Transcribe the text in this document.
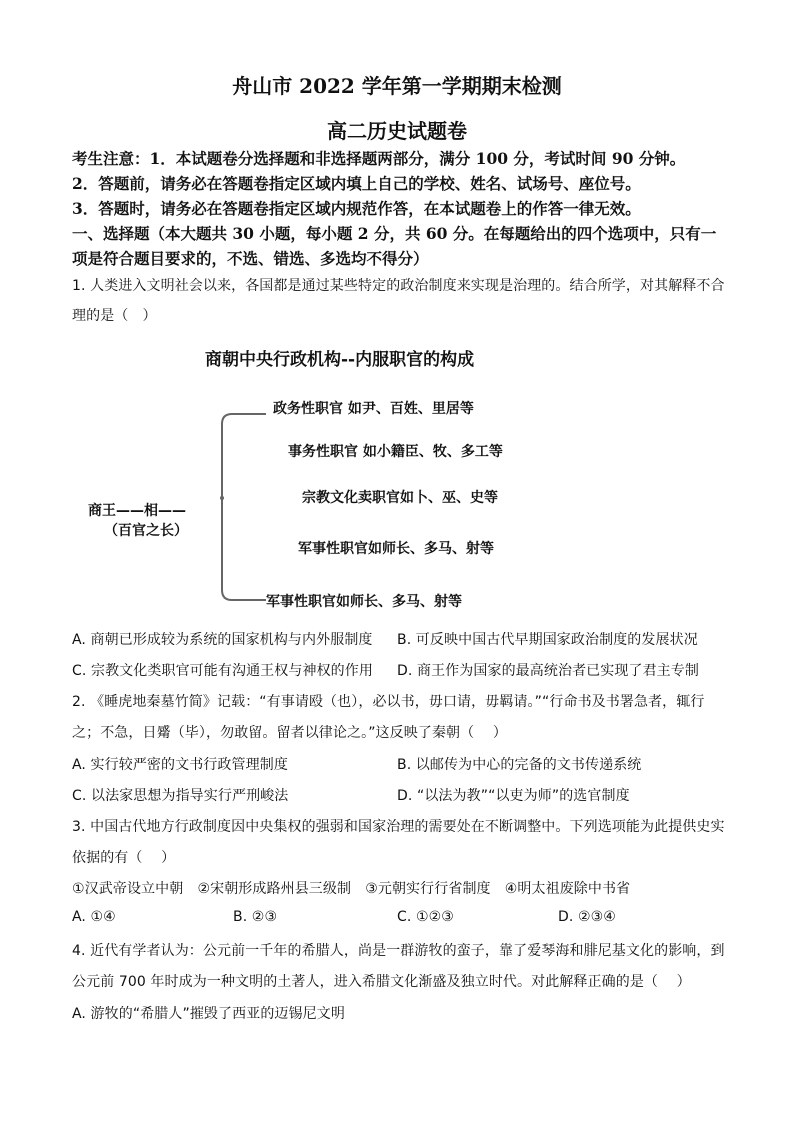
舟山市 2022 学年第一学期期末检测
高二历史试题卷
考生注意：1．本试题卷分选择题和非选择题两部分，满分 100 分，考试时间 90 分钟。
2．答题前，请务必在答题卷指定区域内填上自己的学校、姓名、试场号、座位号。
3．答题时，请务必在答题卷指定区域内规范作答，在本试题卷上的作答一律无效。
一、选择题（本大题共 30 小题，每小题 2 分，共 60 分。在每题给出的四个选项中，只有一
项是符合题目要求的，不选、错选、多选均不得分）
1. 人类进入文明社会以来，各国都是通过某些特定的政治制度来实现是治理的。结合所学，对其解释不合
理的是（　）
商朝中央行政机构--内服职官的构成
商王——相——
（百官之长）
政务性职官 如尹、百姓、里居等
事务性职官 如小籍臣、牧、多工等
宗教文化卖职官如卜、巫、史等
军事性职官如师长、多马、射等
军事性职官如师长、多马、射等
A. 商朝已形成较为系统的国家机构与内外服制度 B. 可反映中国古代早期国家政治制度的发展状况
C. 宗教文化类职官可能有沟通王权与神权的作用 D. 商王作为国家的最高统治者已实现了君主专制
2. 《睡虎地秦墓竹简》记载：“有事请殴（也），必以书，毋口请，毋羁请。”“行命书及书署急者，辄行
之；不急，日觱（毕），勿敢留。留者以律论之。”这反映了秦朝（　 ）
A. 实行较严密的文书行政管理制度	B. 以邮传为中心的完备的文书传递系统
C. 以法家思想为指导实行严刑峻法	D. “以法为教”“以吏为师”的选官制度
3. 中国古代地方行政制度因中央集权的强弱和国家治理的需要处在不断调整中。下列选项能为此提供史实
依据的有（　 ）
①汉武帝设立中朝　②宋朝形成路州县三级制　③元朝实行行省制度　④明太祖废除中书省
A. ①④	B. ②③	C. ①②③	D. ②③④
4. 近代有学者认为：公元前一千年的希腊人，尚是一群游牧的蛮子，靠了爱琴海和腓尼基文化的影响，到
公元前 700 年时成为一种文明的土著人，进入希腊文化渐盛及独立时代。对此解释正确的是（　 ）
A. 游牧的“希腊人”摧毁了西亚的迈锡尼文明
